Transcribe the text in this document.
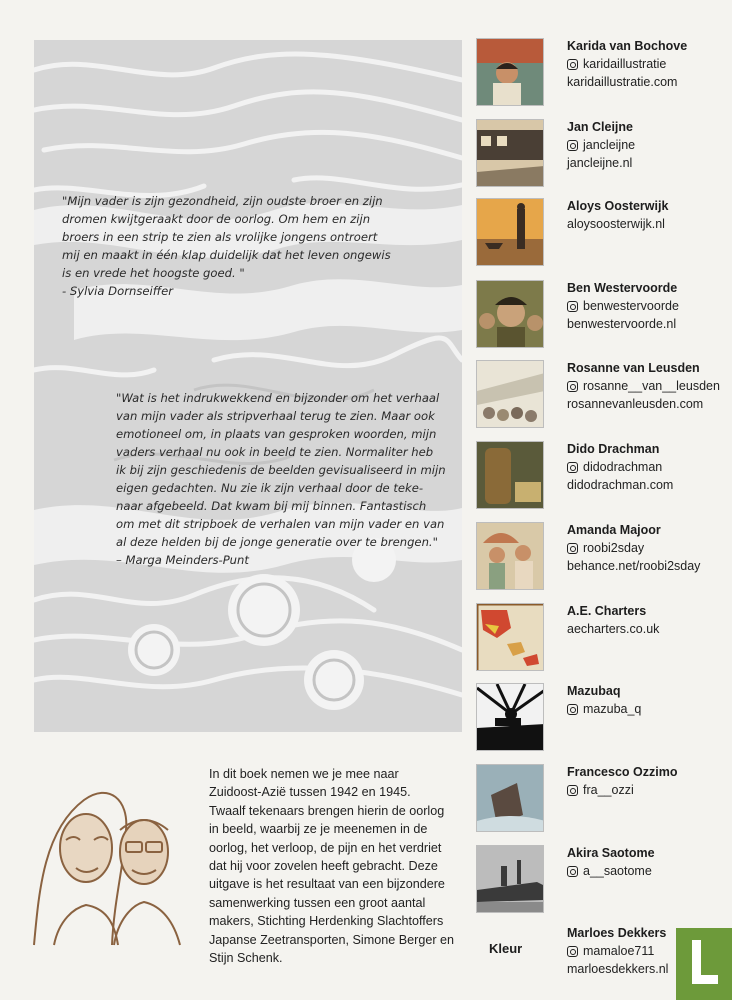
"Mijn vader is zijn gezondheid, zijn oudste broer en zijn

dromen kwijtgeraakt door de oorlog. Om hem en zijn

broers in een strip te zien als vrolijke jongens ontroert

mij en maakt in één klap duidelijk dat het leven ongewis

is en vrede het hoogste goed. "

- Sylvia Dornseiffer

"Wat is het indrukwekkend en bijzonder om het verhaal

van mijn vader als stripverhaal terug te zien. Maar ook

emotioneel om, in plaats van gesproken woorden, mijn

vaders verhaal nu ook in beeld te zien. Normaliter heb

ik bij zijn geschiedenis de beelden gevisualiseerd in mijn

eigen gedachten. Nu zie ik zijn verhaal door de teke-

naar afgebeeld. Dat kwam bij mij binnen. Fantastisch

om met dit stripboek de verhalen van mijn vader en van

al deze helden bij de jonge generatie over te brengen."

– Marga Meinders-Punt

In dit boek nemen we je mee naar

Zuidoost-Azië tussen 1942 en 1945.

Twaalf tekenaars brengen hierin de oorlog

in beeld, waarbij ze je meenemen in de

oorlog, het verloop, de pijn en het verdriet

dat hij voor zovelen heeft gebracht. Deze

uitgave is het resultaat van een bijzondere

samenwerking tussen een groot aantal

makers, Stichting Herdenking Slachtoffers

Japanse Zeetransporten, Simone Berger en

Stijn Schenk.

Karida van Bochove
karidaillustratie
karidaillustratie.com
Jan Cleijne
jancleijne
jancleijne.nl
Aloys Oosterwijk
aloysoosterwijk.nl
Ben Westervoorde
benwestervoorde
benwestervoorde.nl
Rosanne van Leusden
rosanne__van__leusden
rosannevanleusden.com
Dido Drachman
didodrachman
didodrachman.com
Amanda Majoor
roobi2sday
behance.net/roobi2sday
A.E. Charters
aecharters.co.uk
Mazubaq
mazuba_q
Francesco Ozzimo
fra__ozzi
Akira Saotome
a__saotome
Marloes Dekkers
mamaloe711
marloesdekkers.nl
Kleur
